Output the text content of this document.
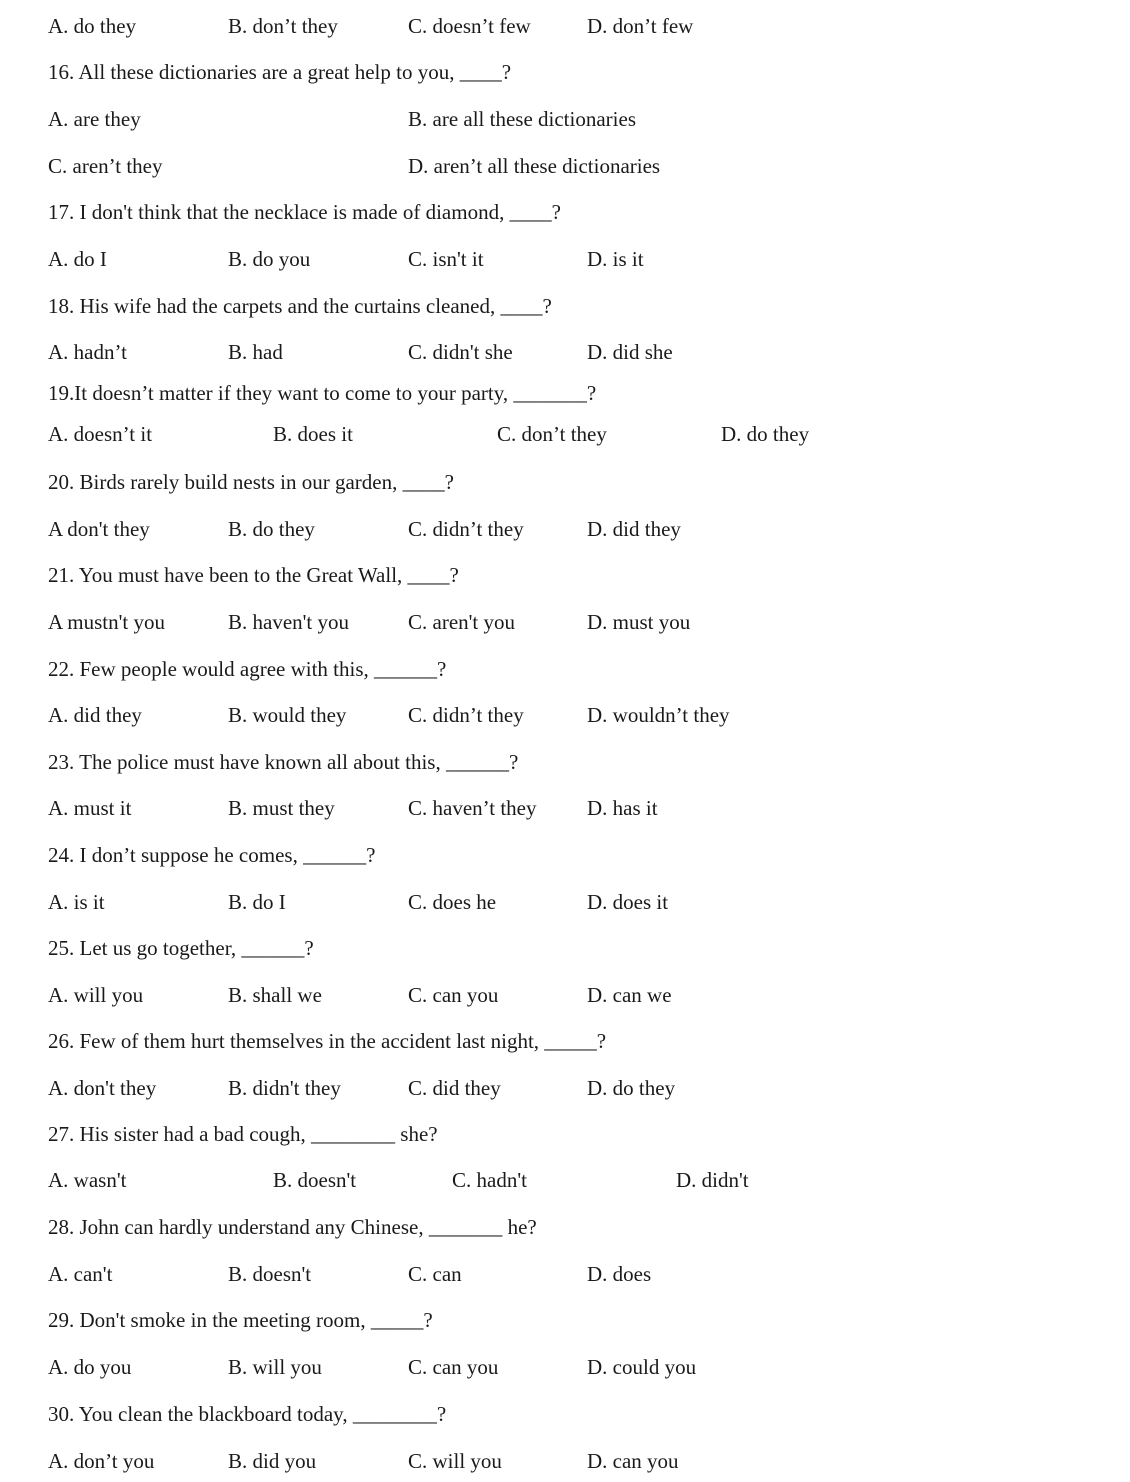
A. do they	B. don’t they	C. doesn’t few	D. don’t few
16. All these dictionaries are a great help to you, ____?
A. are they	B. are all these dictionaries
C. aren’t they	D. aren’t all these dictionaries
17. I don't think that the necklace is made of diamond, ____?
A. do I	B. do you	C. isn't it	D. is it
18. His wife had the carpets and the curtains cleaned, ____?
A. hadn’t	B. had	C. didn't she	D. did she
19.It doesn’t matter if they want to come to your party, _______?
A. doesn’t it	B. does it	C. don’t they	D. do they
20. Birds rarely build nests in our garden, ____?
A don't they	B. do they	C. didn’t they	D. did they
21. You must have been to the Great Wall, ____?
A mustn't you	B. haven't you	C. aren't you	D. must you
22. Few people would agree with this, ______?
A. did they	B. would they	C. didn’t they	D. wouldn’t they
23. The police must have known all about this, ______?
A. must it	B. must they	C. haven’t they D. has it
24. I don’t suppose he comes, ______?
A. is it	B. do I	C. does he	D. does it
25. Let us go together, ______?
A. will you	B. shall we	C. can you	D. can we
26. Few of them hurt themselves in the accident last night, _____?
A. don't they	B. didn't they	C. did they	D. do they
27. His sister had a bad cough, ________ she?
A. wasn't	B. doesn't	C. hadn't	D. didn't
28. John can hardly understand any Chinese, _______ he?
A. can't	B. doesn't	C. can	D. does
29. Don't smoke in the meeting room, _____?
A. do you	B. will you	C. can you	D. could you
30. You clean the blackboard today, ________?
A. don’t you	B. did you	C. will you	D. can you
